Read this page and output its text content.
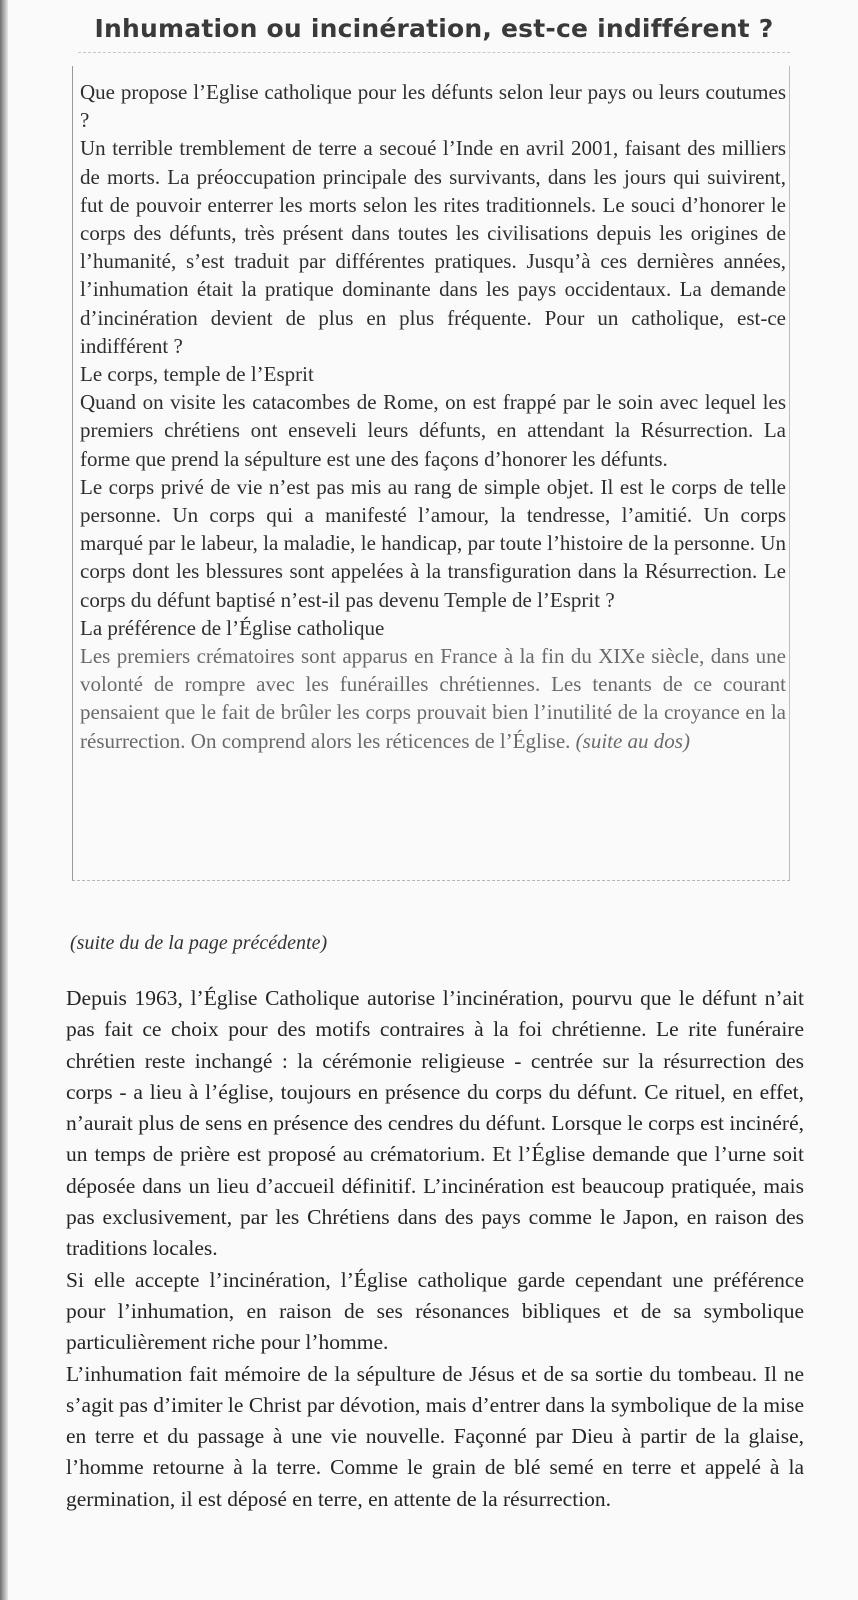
Inhumation ou incinération, est-ce indifférent ?

Que propose l’Eglise catholique pour les défunts selon leur pays ou leurs coutumes ?

Un terrible tremblement de terre a secoué l’Inde en avril 2001, faisant des milliers de morts. La préoccupation principale des survivants, dans les jours qui suivirent, fut de pouvoir enterrer les morts selon les rites traditionnels. Le souci d’honorer le corps des défunts, très présent dans toutes les civilisations depuis les origines de l’humanité, s’est traduit par différentes pratiques. Jusqu’à ces dernières années, l’inhumation était la pratique dominante dans les pays occidentaux. La demande d’incinération devient de plus en plus fréquente. Pour un catholique, est-ce indifférent ?

Le corps, temple de l’Esprit

Quand on visite les catacombes de Rome, on est frappé par le soin avec lequel les premiers chrétiens ont enseveli leurs défunts, en attendant la Résurrection. La forme que prend la sépulture est une des façons d’honorer les défunts.

Le corps privé de vie n’est pas mis au rang de simple objet. Il est le corps de telle personne. Un corps qui a manifesté l’amour, la tendresse, l’amitié. Un corps marqué par le labeur, la maladie, le handicap, par toute l’histoire de la personne. Un corps dont les blessures sont appelées à la transfiguration dans la Résurrection. Le corps du défunt baptisé n’est-il pas devenu Temple de l’Esprit ?

La préférence de l’Église catholique

Les premiers crématoires sont apparus en France à la fin du XIXe siècle, dans une volonté de rompre avec les funérailles chrétiennes. Les tenants de ce courant pensaient que le fait de brûler les corps prouvait bien l’inutilité de la croyance en la résurrection. On comprend alors les réticences de l’Église. (suite au dos)

(suite du de la page précédente)

Depuis 1963, l’Église Catholique autorise l’incinération, pourvu que le défunt n’ait pas fait ce choix pour des motifs contraires à la foi chrétienne. Le rite funéraire chrétien reste inchangé : la cérémonie religieuse - centrée sur la résurrection des corps - a lieu à l’église, toujours en présence du corps du défunt. Ce rituel, en effet, n’aurait plus de sens en présence des cendres du défunt. Lorsque le corps est incinéré, un temps de prière est proposé au crématorium. Et l’Église demande que l’urne soit déposée dans un lieu d’accueil définitif. L’incinération est beaucoup pratiquée, mais pas exclusivement, par les Chrétiens dans des pays comme le Japon, en raison des traditions locales.

Si elle accepte l’incinération, l’Église catholique garde cependant une préférence pour l’inhumation, en raison de ses résonances bibliques et de sa symbolique particulièrement riche pour l’homme.

L’inhumation fait mémoire de la sépulture de Jésus et de sa sortie du tombeau. Il ne s’agit pas d’imiter le Christ par dévotion, mais d’entrer dans la symbolique de la mise en terre et du passage à une vie nouvelle. Façonné par Dieu à partir de la glaise, l’homme retourne à la terre. Comme le grain de blé semé en terre et appelé à la germination, il est déposé en terre, en attente de la résurrection.
